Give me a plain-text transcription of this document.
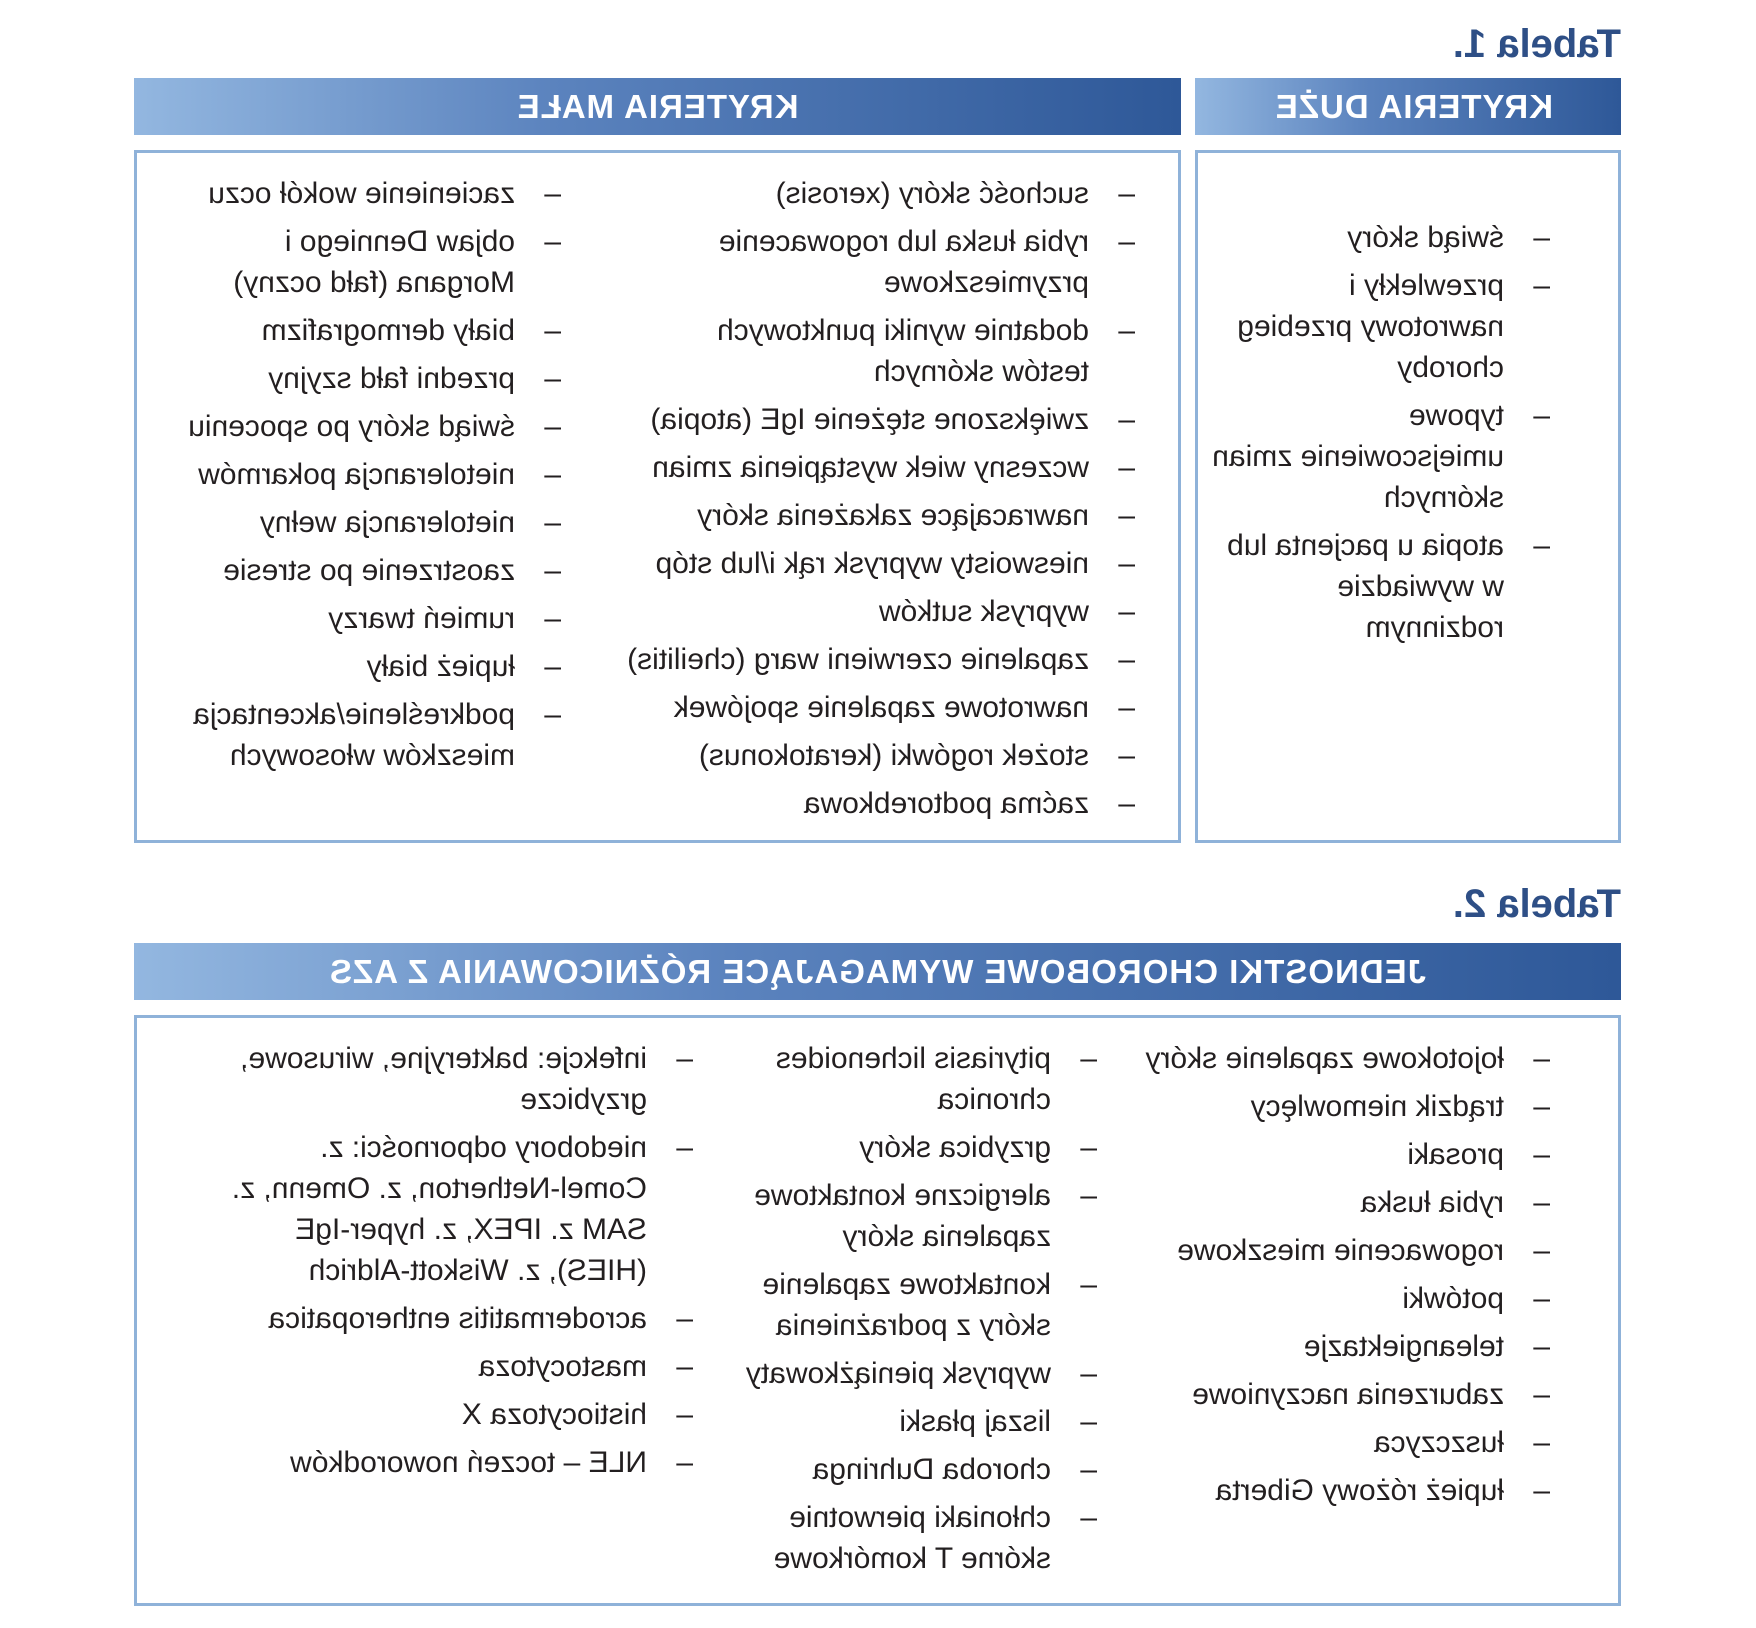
Tabela 1.
KRYTERIA DUŻE
KRYTERIA MAŁE
– świąd skóry
– przewlekły i nawrotowy przebieg choroby
– typowe umiejscowienie zmian skórnych
– atopia u pacjenta lub w wywiadzie rodzinnym
– suchość skóry (xerosis)
– rybia łuska lub rogowacenie przymieszkowe
– dodatnie wyniki punktowych testów skórnych
– zwiększone stężenie IgE (atopia)
– wczesny wiek wystąpienia zmian
– nawracające zakażenia skóry
– nieswoisty wyprysk rąk i/lub stóp
– wyprysk sutków
– zapalenie czerwieni warg (cheilitis)
– nawrotowe zapalenie spojówek
– stożek rogówki (keratokonus)
– zaćma podtorebkowa
– zacienienie wokół oczu
– objaw Denniego i Morgana (fałd oczny)
– biały dermografizm
– przedni fałd szyjny
– świąd skóry po spoceniu
– nietolerancja pokarmów
– nietolerancja wełny
– zaostrzenie po stresie
– rumień twarzy
– łupież biały
– podkreślenie/akcentacja mieszków włosowych
Tabela 2.
JEDNOSTKI CHOROBOWE WYMAGAJĄCE RÓŻNICOWANIA Z AZS
– łojotokowe zapalenie skóry
– trądzik niemowlęcy
– prosaki
– rybia łuska
– rogowacenie mieszkowe
– potówki
– teleangiektazje
– zaburzenia naczyniowe
– łuszczyca
– łupież różowy Giberta
– pityriasis lichenoides chronica
– grzybica skóry
– alergiczne kontaktowe zapalenia skóry
– kontaktowe zapalenie skóry z podrażnienia
– wyprysk pieniążkowaty
– liszaj płaski
– choroba Duhringa
– chłoniaki pierwotnie skórne T komórkowe
– infekcje: bakteryjne, wirusowe, grzybicze
– niedobory odporności: z. Comel-Netherton, z. Omenn, z. SAM z. IPEX, z. hyper-IgE (HIES), z. Wiskott-Aldrich
– acrodermatitis entheropatica
– mastocytoza
– histiocytoza X
– NLE – toczeń noworodków
